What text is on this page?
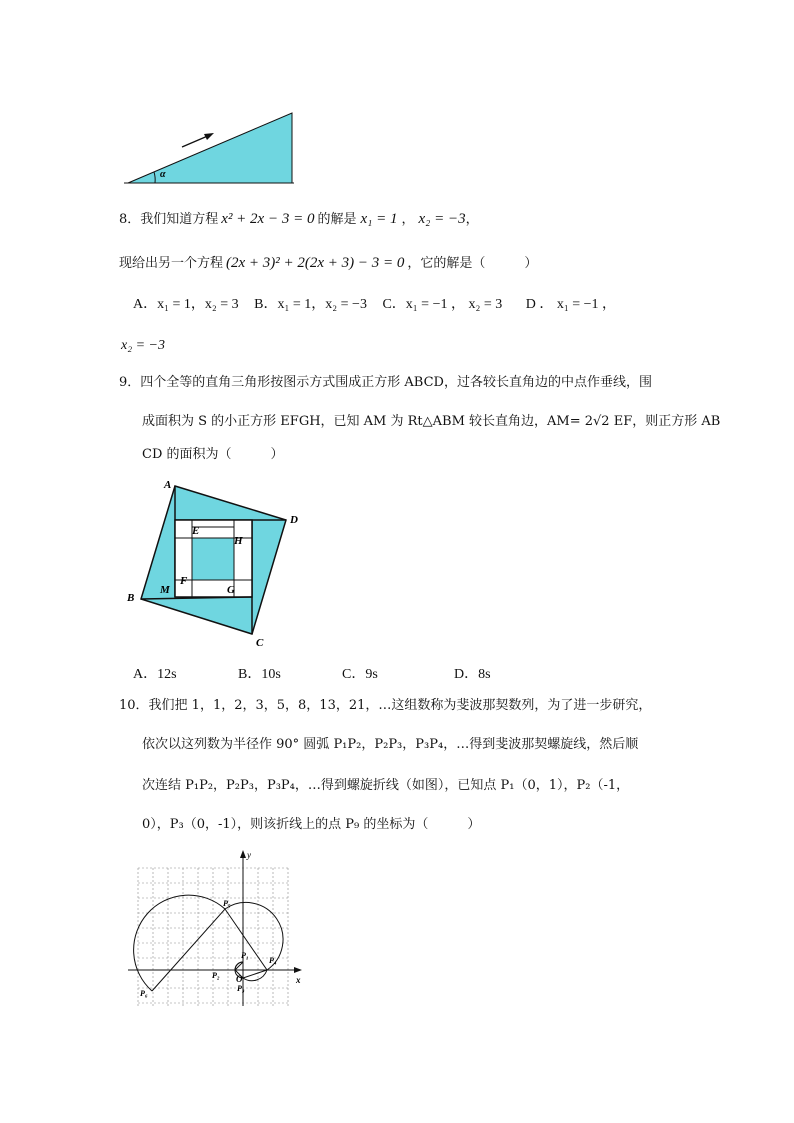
α
8．我们知道方程 x² + 2x − 3 = 0 的解是 x₁ = 1 ， x₂ = −3，
现给出另一个方程 (2x + 3)² + 2(2x + 3) − 3 = 0 ，它的解是（　　　）
A．x₁ = 1，x₂ = 3 B．x₁ = 1，x₂ = −3 C．x₁ = −1 ， x₂ = 3 D ． x₁ = −1 ，
x₂ = −3
9．四个全等的直角三角形按图示方式围成正方形 ABCD，过各较长直角边的中点作垂线，围
成面积为 S 的小正方形 EFGH，已知 AM 为 Rt△ABM 较长直角边，AM= 2√2 EF，则正方形 AB
CD 的面积为（　　　）
A
D
B
C
E
H
F
G
M
A．12s	B．10s	C．9s	D．8s
10．我们把 1，1，2，3，5，8，13，21，…这组数称为斐波那契数列，为了进一步研究，
依次以这列数为半径作 90° 圆弧 P₁P₂，P₂P₃，P₃P₄，…得到斐波那契螺旋线，然后顺
次连结 P₁P₂，P₂P₃，P₃P₄，…得到螺旋折线（如图），已知点 P₁（0，1），P₂（-1，
0），P₃（0，-1），则该折线上的点 P₉ 的坐标为（　　　）
y
x
O
P₁
P₂
P₃
P₄
P₅
P₆
